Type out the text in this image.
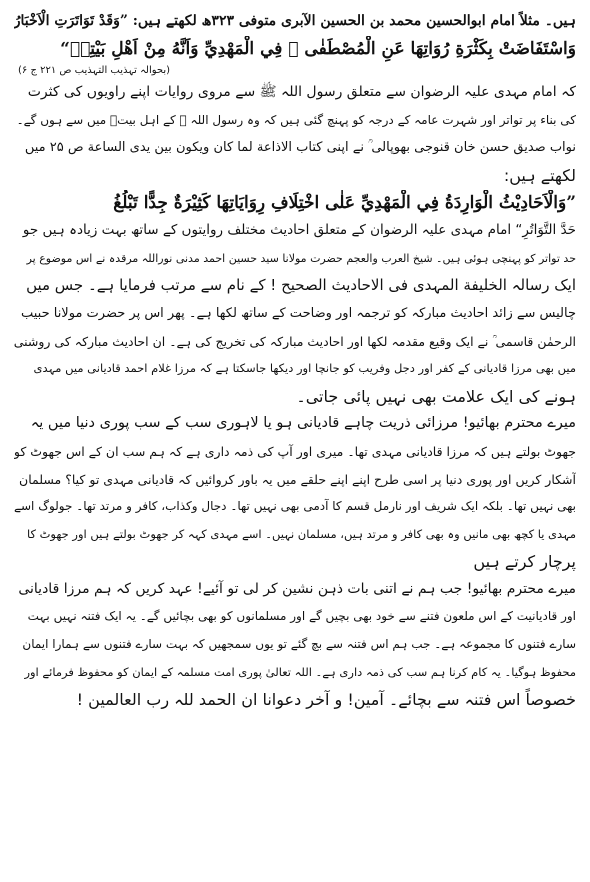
ہیں۔ مثلاً امام ابوالحسین محمد بن الحسین الآبری متوفی ۳۲۳ھ لکھتے ہیں: ”وَقَدْ تَوَاتَرَتِ الْاَخْبَارُ
وَاسْتَفَاضَتْ بِكَثْرَةِ رُوَاتِهَا عَنِ الْمُصْطَفٰى ﷺ فِي الْمَهْدِيِّ وَاَنَّهُ مِنْ اَهْلِ بَيْتِهٖ“
(بحوالہ تہذیب التہذیب ص ۲۲۱ ج ۶)
کہ امام مہدی علیہ الرضوان سے متعلق رسول اللہ ﷺ سے مروی روایات اپنے راویوں کی کثرت
کی بناء پر تواتر اور شہرت عامہ کے درجہ کو پہنچ گئی ہیں کہ وہ رسول اللہ ﷺ کے اہل بیتؓ میں سے ہوں گے۔
نواب صدیق حسن خان قنوجی بھوپالی ؒ نے اپنی کتاب الاذاعة لما کان ویکون بین یدی الساعة ص ۲۵ میں
لکھتے ہیں:
”وَالْاَحَادِيْثُ الْوَارِدَةُ فِي الْمَهْدِيِّ عَلٰى اخْتِلَافِ رِوَايَاتِهَا كَثِيْرَةٌ جِدًّا تَبْلُغُ
حَدَّ التَّوَاتُرِ“ امام مہدی علیہ الرضوان کے متعلق احادیث مختلف روایتوں کے ساتھ بہت زیادہ ہیں جو
حد تواتر کو پہنچی ہوئی ہیں۔ شیخ العرب والعجم حضرت مولانا سید حسین احمد مدنی نوراللہ مرقدہ نے اس موضوع پر
ایک رسالہ الخلیفة المہدی فی الاحادیث الصحیح ! کے نام سے مرتب فرمایا ہے۔ جس میں
چالیس سے زائد احادیث مبارکہ کو ترجمہ اور وضاحت کے ساتھ لکھا ہے۔ پھر اس پر حضرت مولانا حبیب
الرحمٰن قاسمی ؒ نے ایک وقیع مقدمہ لکھا اور احادیث مبارکہ کی تخریج کی ہے۔ ان احادیث مبارکہ کی روشنی
میں بھی مرزا قادیانی کے کفر اور دجل وفریب کو جانچا اور دیکھا جاسکتا ہے کہ مرزا غلام احمد قادیانی میں مہدی
ہونے کی ایک علامت بھی نہیں پائی جاتی۔
میرے محترم بھائیو! مرزائی ذریت چاہے قادیانی ہو یا لاہوری سب کے سب پوری دنیا میں یہ
جھوٹ بولتے ہیں کہ مرزا قادیانی مہدی تھا۔ میری اور آپ کی ذمہ داری ہے کہ ہم سب ان کے اس جھوٹ کو
آشکار کریں اور پوری دنیا پر اسی طرح اپنے اپنے حلقے میں یہ باور کروائیں کہ قادیانی مہدی تو کیا؟ مسلمان
بھی نہیں تھا۔ بلکہ ایک شریف اور نارمل قسم کا آدمی بھی نہیں تھا۔ دجال وکذاب، کافر و مرتد تھا۔ جولوگ اسے
مہدی یا کچھ بھی مانیں وہ بھی کافر و مرتد ہیں، مسلمان نہیں۔ اسے مہدی کہہ کر جھوٹ بولتے ہیں اور جھوٹ کا
پرچار کرتے ہیں
میرے محترم بھائیو! جب ہم نے اتنی بات ذہن نشین کر لی تو آئیے! عہد کریں کہ ہم مرزا قادیانی
اور قادیانیت کے اس ملعون فتنے سے خود بھی بچیں گے اور مسلمانوں کو بھی بچائیں گے۔ یہ ایک فتنہ نہیں بہت
سارے فتنوں کا مجموعہ ہے۔ جب ہم اس فتنہ سے بچ گئے تو یوں سمجھیں کہ بہت سارے فتنوں سے ہمارا ایمان
محفوظ ہوگیا۔ یہ کام کرنا ہم سب کی ذمہ داری ہے۔ اللہ تعالیٰ پوری امت مسلمہ کے ایمان کو محفوظ فرمائے اور
خصوصاً اس فتنہ سے بچائے۔ آمین! و آخر دعوانا ان الحمد للہ رب العالمین !
